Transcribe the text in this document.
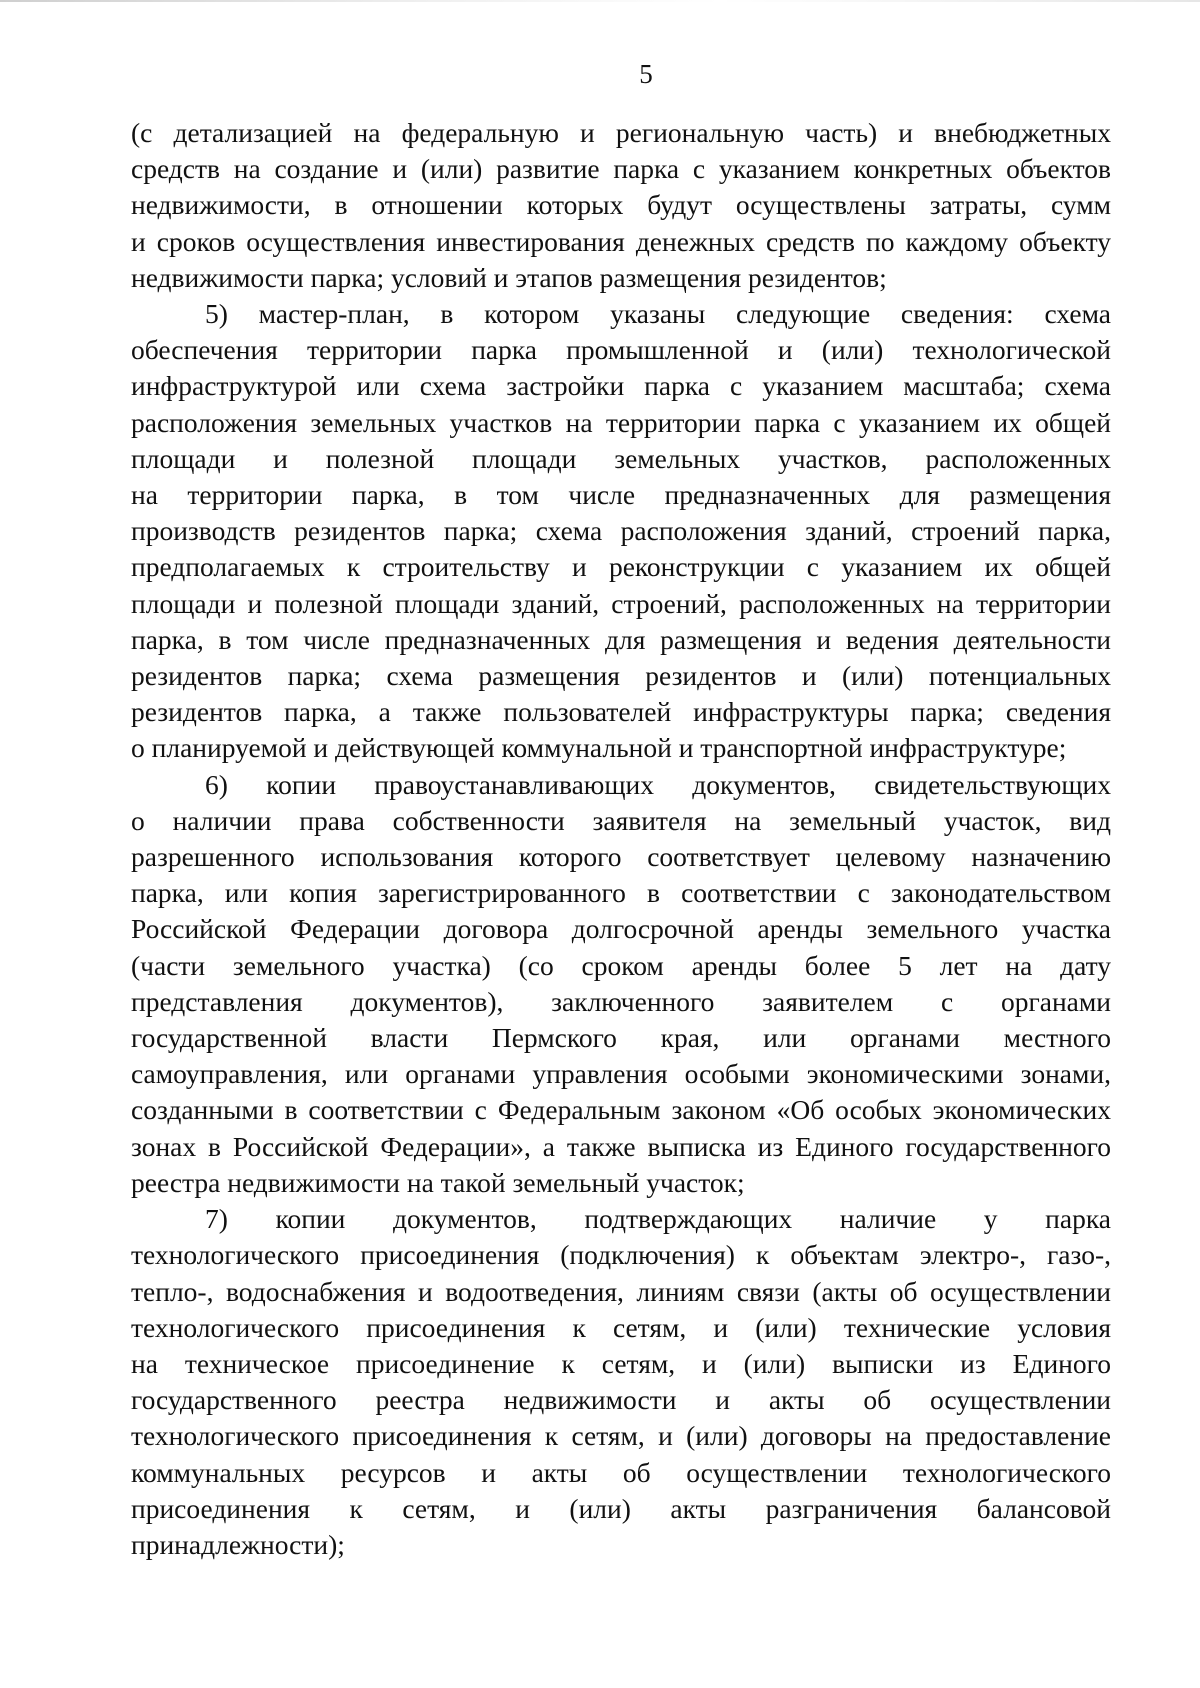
5

(с детализацией на федеральную и региональную часть) и внебюджетных
средств на создание и (или) развитие парка с указанием конкретных объектов
недвижимости, в отношении которых будут осуществлены затраты, сумм
и сроков осуществления инвестирования денежных средств по каждому объекту
недвижимости парка; условий и этапов размещения резидентов;

5) мастер-план, в котором указаны следующие сведения: схема
обеспечения территории парка промышленной и (или) технологической
инфраструктурой или схема застройки парка с указанием масштаба; схема
расположения земельных участков на территории парка с указанием их общей
площади и полезной площади земельных участков, расположенных
на территории парка, в том числе предназначенных для размещения
производств резидентов парка; схема расположения зданий, строений парка,
предполагаемых к строительству и реконструкции с указанием их общей
площади и полезной площади зданий, строений, расположенных на территории
парка, в том числе предназначенных для размещения и ведения деятельности
резидентов парка; схема размещения резидентов и (или) потенциальных
резидентов парка, а также пользователей инфраструктуры парка; сведения
о планируемой и действующей коммунальной и транспортной инфраструктуре;

6) копии правоустанавливающих документов, свидетельствующих
о наличии права собственности заявителя на земельный участок, вид
разрешенного использования которого соответствует целевому назначению
парка, или копия зарегистрированного в соответствии с законодательством
Российской Федерации договора долгосрочной аренды земельного участка
(части земельного участка) (со сроком аренды более 5 лет на дату
представления документов), заключенного заявителем с органами
государственной власти Пермского края, или органами местного
самоуправления, или органами управления особыми экономическими зонами,
созданными в соответствии с Федеральным законом «Об особых экономических
зонах в Российской Федерации», а также выписка из Единого государственного
реестра недвижимости на такой земельный участок;

7) копии документов, подтверждающих наличие у парка
технологического присоединения (подключения) к объектам электро-, газо-,
тепло-, водоснабжения и водоотведения, линиям связи (акты об осуществлении
технологического присоединения к сетям, и (или) технические условия
на техническое присоединение к сетям, и (или) выписки из Единого
государственного реестра недвижимости и акты об осуществлении
технологического присоединения к сетям, и (или) договоры на предоставление
коммунальных ресурсов и акты об осуществлении технологического
присоединения к сетям, и (или) акты разграничения балансовой
принадлежности);
